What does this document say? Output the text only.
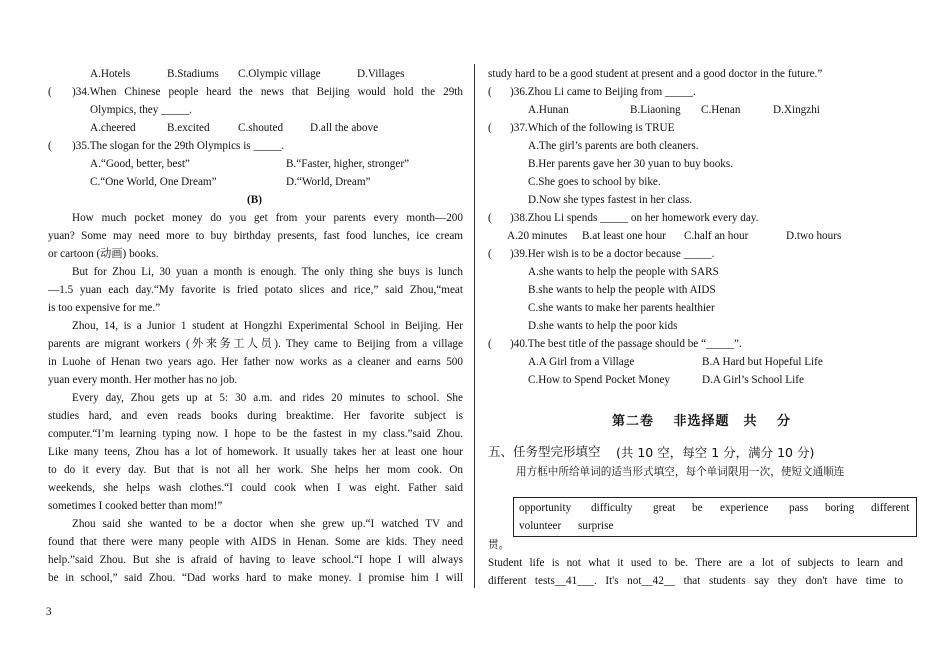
A.Hotels	B.Stadiums C.Olympic village	D.Villages
( )34.When Chinese people heard the news that Beijing would hold the 29th
Olympics, they _____.
A.cheered	B.excited	C.shouted D.all the above
( )35.The slogan for the 29th Olympics is _____.
A.“Good, better, best”	B.“Faster, higher, stronger”
C.“One World, One Dream”	D.“World, Dream”
(B)
How much pocket money do you get from your parents every month—200
yuan? Some may need more to buy birthday presents, fast food lunches, ice cream
or cartoon (动画) books.
But for Zhou Li, 30 yuan a month is enough. The only thing she buys is lunch
—1.5 yuan each day.“My favorite is fried potato slices and rice,” said Zhou,“meat
is too expensive for me.”
Zhou, 14, is a Junior 1 student at Hongzhi Experimental School in Beijing. Her
parents are migrant workers (外来务工人员). They came to Beijing from a village
in Luohe of Henan two years ago. Her father now works as a cleaner and earns 500
yuan every month. Her mother has no job.
Every day, Zhou gets up at 5: 30 a.m. and rides 20 minutes to school. She
studies hard, and even reads books during breaktime. Her favorite subject is
computer.“I’m learning typing now. I hope to be the fastest in my class.”said Zhou.
Like many teens, Zhou has a lot of homework. It usually takes her at least one hour
to do it every day. But that is not all her work. She helps her mom cook. On
weekends, she helps wash clothes.“I could cook when I was eight. Father said
sometimes I cooked better than mom!”
Zhou said she wanted to be a doctor when she grew up.“I watched TV and
found that there were many people with AIDS in Henan. Some are kids. They need
help.”said Zhou. But she is afraid of having to leave school.“I hope I will always
be in school,” said Zhou. “Dad works hard to make money. I promise him I will
study hard to be a good student at present and a good doctor in the future.”
( )36.Zhou Li came to Beijing from _____.
A.Hunan	B.Liaoning C.Henan	D.Xingzhi
( )37.Which of the following is TRUE
A.The girl’s parents are both cleaners.
B.Her parents gave her 30 yuan to buy books.
C.She goes to school by bike.
D.Now she types fastest in her class.
( )38.Zhou Li spends _____ on her homework every day.
A.20 minutes B.at least one hour C.half an hour	D.two hours
( )39.Her wish is to be a doctor because _____.
A.she wants to help the people with SARS
B.she wants to help the people with AIDS
C.she wants to make her parents healthier
D.she wants to help the poor kids
( )40.The best title of the passage should be “_____”.
A.A Girl from a Village	B.A Hard but Hopeful Life
C.How to Spend Pocket Money	D.A Girl’s School Life
第二卷　 非选择题　共　 分
五、任务型完形填空 (共 10 空，每空 1 分，满分 10 分)
用方框中所给单词的适当形式填空，每个单词限用一次，使短文通顺连
opportunity difficulty great be experience pass boring different
volunteer surprise
贯。
Student life is not what it used to be. There are a lot of subjects to learn and
different tests__41___. It's not__42__ that students say they don't have time to
3
